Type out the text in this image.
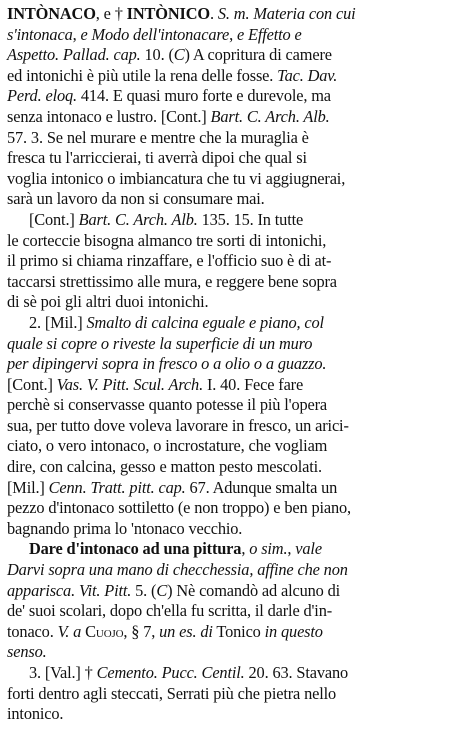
INTÒNACO, e † INTÒNICO. S. m. Materia con cui
s'intonaca, e Modo dell'intonacare, e Effetto e
Aspetto. Pallad. cap. 10. (C) A copritura di camere
ed intonichi è più utile la rena delle fosse. Tac. Dav.
Perd. eloq. 414. E quasi muro forte e durevole, ma
senza intonaco e lustro. [Cont.] Bart. C. Arch. Alb.
57. 3. Se nel murare e mentre che la muraglia è
fresca tu l'arriccierai, ti averrà dipoi che qual si
voglia intonico o imbiancatura che tu vi aggiugnerai,
sarà un lavoro da non si consumare mai.
[Cont.] Bart. C. Arch. Alb. 135. 15. In tutte
le corteccie bisogna almanco tre sorti di intonichi,
il primo si chiama rinzaffare, e l'officio suo è di at-
taccarsi strettissimo alle mura, e reggere bene sopra
di sè poi gli altri duoi intonichi.
2. [Mil.] Smalto di calcina eguale e piano, col
quale si copre o riveste la superficie di un muro
per dipingervi sopra in fresco o a olio o a guazzo.
[Cont.] Vas. V. Pitt. Scul. Arch. I. 40. Fece fare
perchè si conservasse quanto potesse il più l'opera
sua, per tutto dove voleva lavorare in fresco, un arici-
ciato, o vero intonaco, o incrostature, che vogliam
dire, con calcina, gesso e matton pesto mescolati.
[Mil.] Cenn. Tratt. pitt. cap. 67. Adunque smalta un
pezzo d'intonaco sottiletto (e non troppo) e ben piano,
bagnando prima lo 'ntonaco vecchio.
Dare d'intonaco ad una pittura, o sim., vale
Darvi sopra una mano di checchessia, affine che non
apparisca. Vit. Pitt. 5. (C) Nè comandò ad alcuno di
de' suoi scolari, dopo ch'ella fu scritta, il darle d'in-
tonaco. V. a Cuojo, § 7, un es. di Tonico in questo
senso.
3. [Val.] † Cemento. Pucc. Centil. 20. 63. Stavano
forti dentro agli steccati, Serrati più che pietra nello
intonico.
